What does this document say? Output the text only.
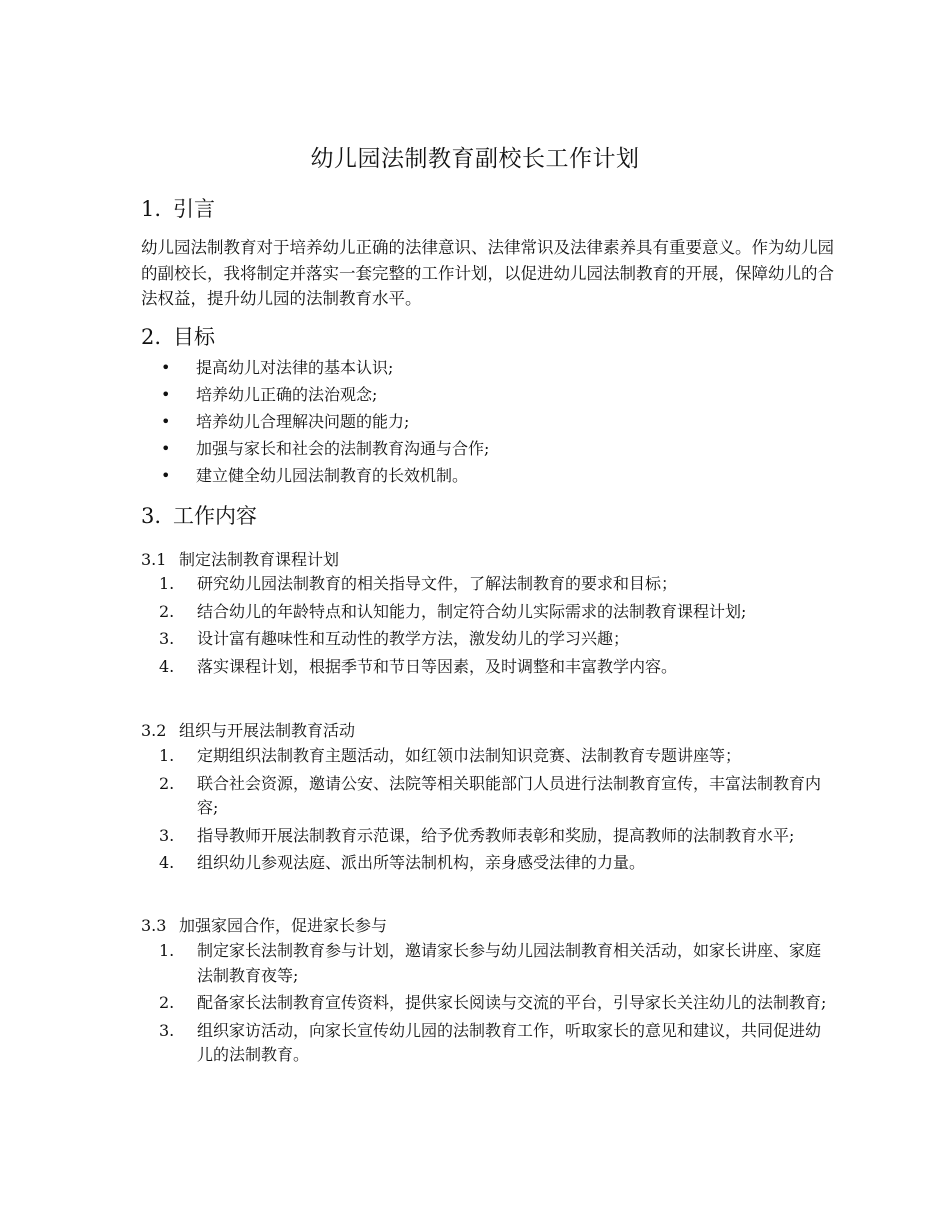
幼儿园法制教育副校长工作计划
1. 引言
幼儿园法制教育对于培养幼儿正确的法律意识、法律常识及法律素养具有重要意义。作为幼儿园的副校长，我将制定并落实一套完整的工作计划，以促进幼儿园法制教育的开展，保障幼儿的合法权益，提升幼儿园的法制教育水平。
2. 目标
• 提高幼儿对法律的基本认识;
• 培养幼儿正确的法治观念;
• 培养幼儿合理解决问题的能力;
• 加强与家长和社会的法制教育沟通与合作;
• 建立健全幼儿园法制教育的长效机制。
3. 工作内容
3.1 制定法制教育课程计划
1. 研究幼儿园法制教育的相关指导文件，了解法制教育的要求和目标；
2. 结合幼儿的年龄特点和认知能力，制定符合幼儿实际需求的法制教育课程计划;
3. 设计富有趣味性和互动性的教学方法，激发幼儿的学习兴趣；
4. 落实课程计划，根据季节和节日等因素，及时调整和丰富教学内容。
3.2 组织与开展法制教育活动
1. 定期组织法制教育主题活动，如红领巾法制知识竞赛、法制教育专题讲座等；
2. 联合社会资源，邀请公安、法院等相关职能部门人员进行法制教育宣传，丰富法制教育内容;
3. 指导教师开展法制教育示范课，给予优秀教师表彰和奖励，提高教师的法制教育水平;
4. 组织幼儿参观法庭、派出所等法制机构，亲身感受法律的力量。
3.3 加强家园合作，促进家长参与
1. 制定家长法制教育参与计划，邀请家长参与幼儿园法制教育相关活动，如家长讲座、家庭法制教育夜等;
2. 配备家长法制教育宣传资料，提供家长阅读与交流的平台，引导家长关注幼儿的法制教育;
3. 组织家访活动，向家长宣传幼儿园的法制教育工作，听取家长的意见和建议，共同促进幼儿的法制教育。
